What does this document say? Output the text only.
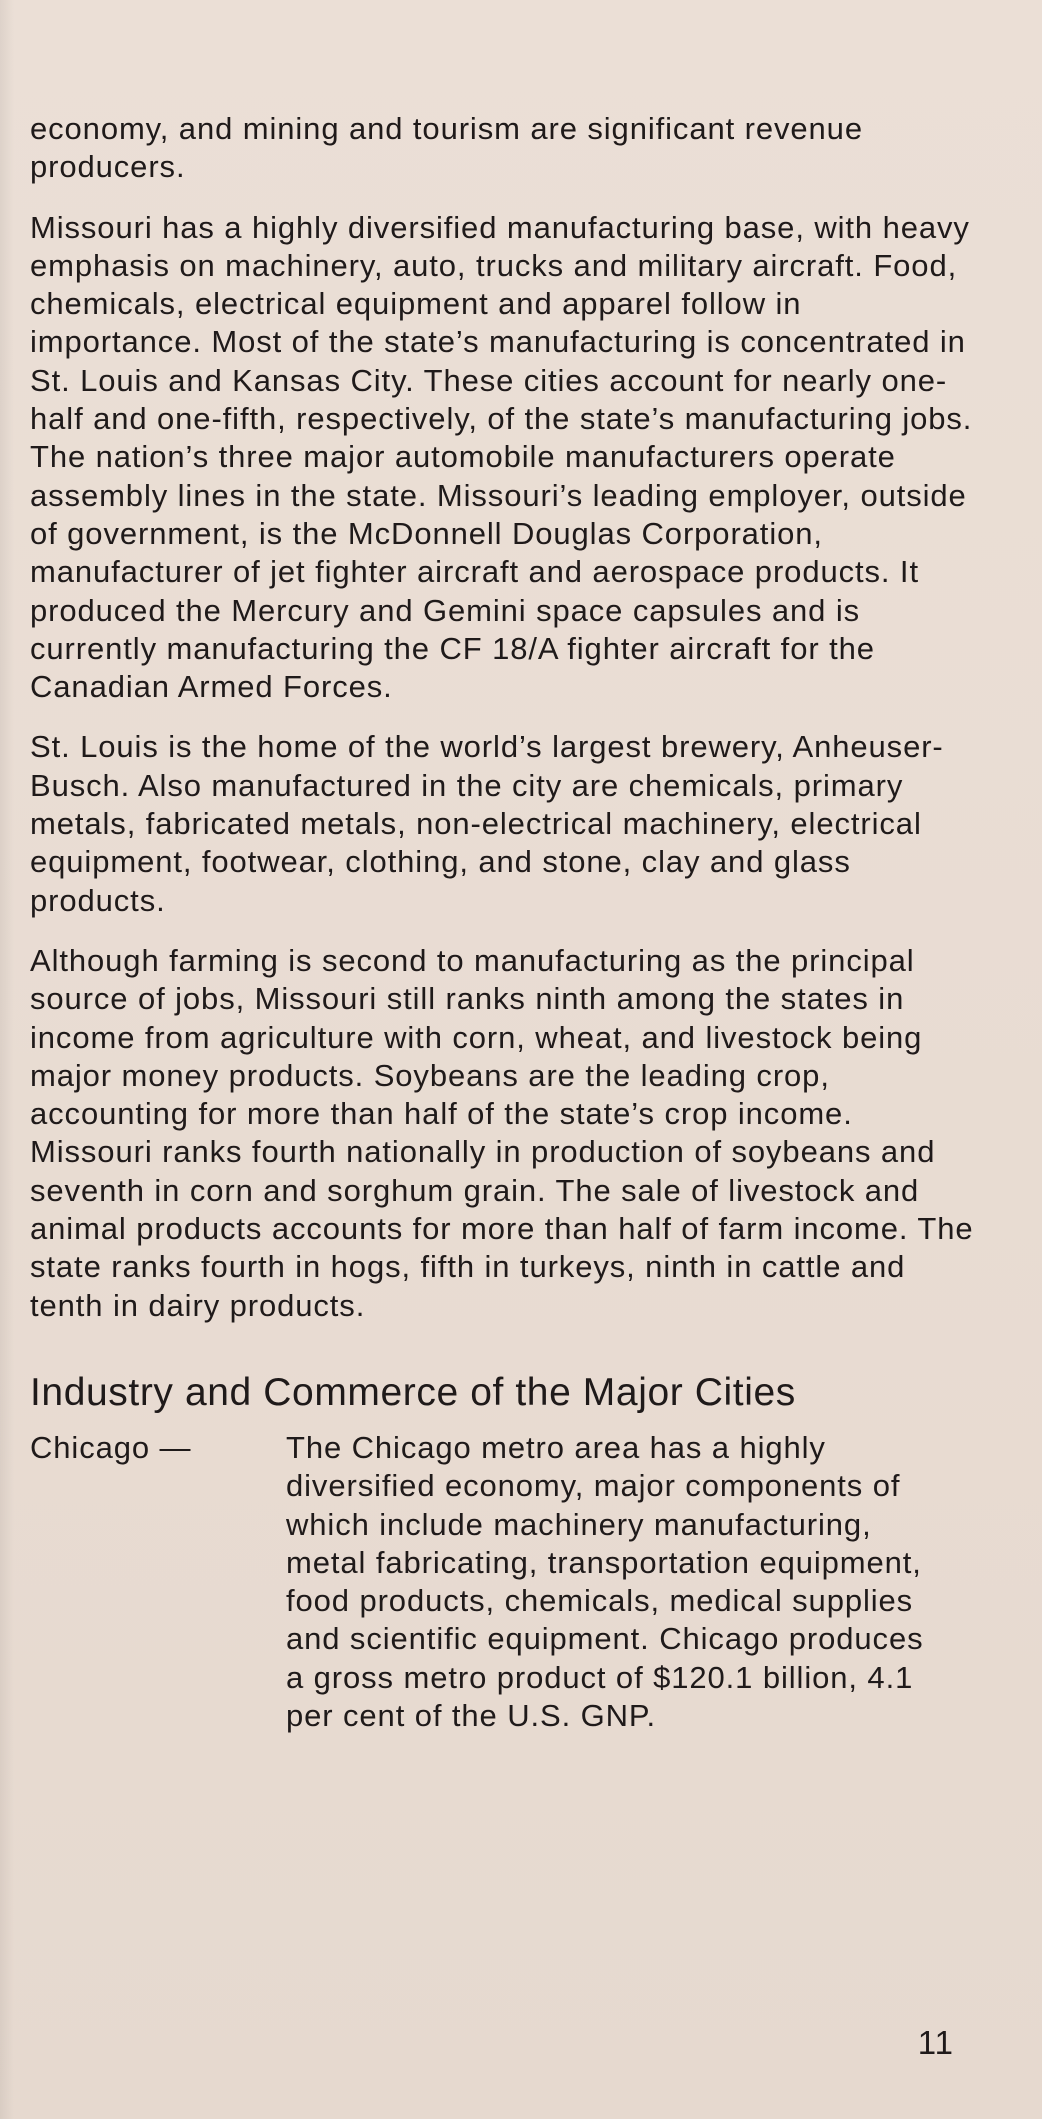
economy, and mining and tourism are significant revenue producers.

Missouri has a highly diversified manufacturing base, with heavy emphasis on machinery, auto, trucks and military aircraft. Food, chemicals, electrical equipment and apparel follow in importance. Most of the state’s manufacturing is concentrated in St. Louis and Kansas City. These cities account for nearly one-half and one-fifth, respectively, of the state’s manufacturing jobs. The nation’s three major automobile manufacturers operate assembly lines in the state. Missouri’s leading employer, outside of government, is the McDonnell Douglas Corporation, manufacturer of jet fighter aircraft and aerospace products. It produced the Mercury and Gemini space capsules and is currently manufacturing the CF 18/A fighter aircraft for the Canadian Armed Forces.

St. Louis is the home of the world’s largest brewery, Anheuser-Busch. Also manufactured in the city are chemicals, primary metals, fabricated metals, non-electrical machinery, electrical equipment, footwear, clothing, and stone, clay and glass products.

Although farming is second to manufacturing as the principal source of jobs, Missouri still ranks ninth among the states in income from agriculture with corn, wheat, and livestock being major money products. Soybeans are the leading crop, accounting for more than half of the state’s crop income. Missouri ranks fourth nationally in production of soybeans and seventh in corn and sorghum grain. The sale of livestock and animal products accounts for more than half of farm income. The state ranks fourth in hogs, fifth in turkeys, ninth in cattle and tenth in dairy products.

Industry and Commerce of the Major Cities
Chicago —	The Chicago metro area has a highly diversified economy, major components of which include machinery manufacturing, metal fabricating, transportation equipment, food products, chemicals, medical supplies and scientific equipment. Chicago produces a gross metro product of $120.1 billion, 4.1 per cent of the U.S. GNP.
11
